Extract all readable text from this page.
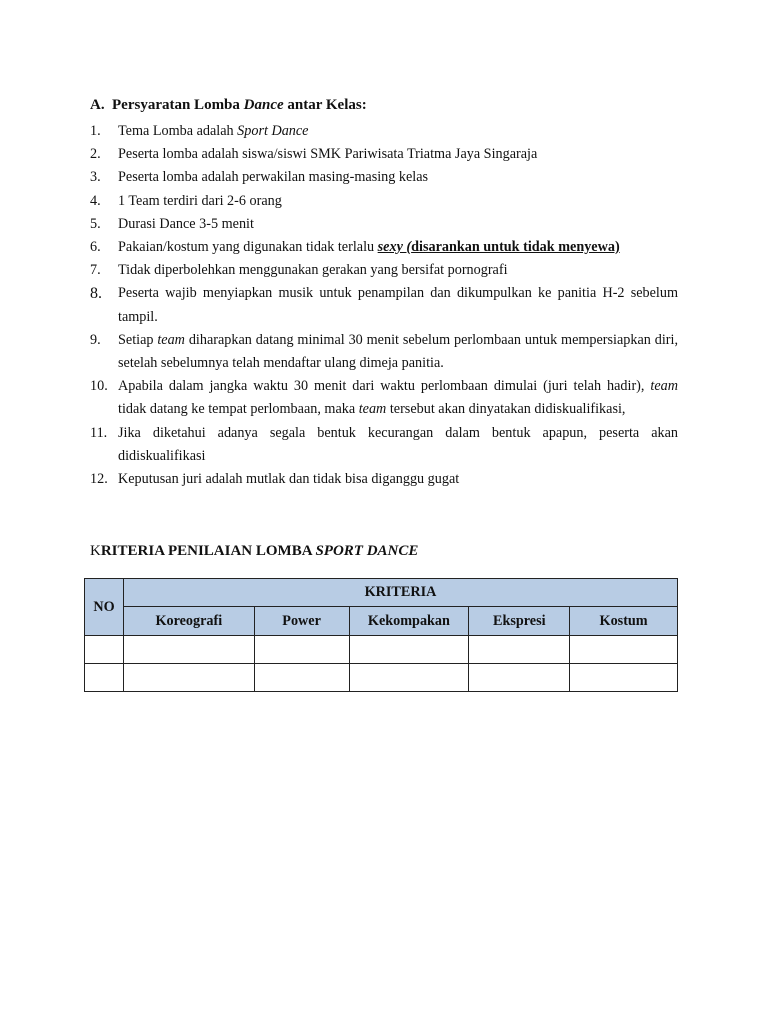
A. Persyaratan Lomba Dance antar Kelas:
1. Tema Lomba adalah Sport Dance
2. Peserta lomba adalah siswa/siswi SMK Pariwisata Triatma Jaya Singaraja
3. Peserta lomba adalah perwakilan masing-masing kelas
4. 1 Team terdiri dari 2-6 orang
5. Durasi Dance 3-5 menit
6. Pakaian/kostum yang digunakan tidak terlalu sexy (disarankan untuk tidak menyewa)
7. Tidak diperbolehkan menggunakan gerakan yang bersifat pornografi
8. Peserta wajib menyiapkan musik untuk penampilan dan dikumpulkan ke panitia H-2 sebelum tampil.
9. Setiap team diharapkan datang minimal 30 menit sebelum perlombaan untuk mempersiapkan diri, setelah sebelumnya telah mendaftar ulang dimeja panitia.
10. Apabila dalam jangka waktu 30 menit dari waktu perlombaan dimulai (juri telah hadir), team tidak datang ke tempat perlombaan, maka team tersebut akan dinyatakan didiskualifikasi,
11. Jika diketahui adanya segala bentuk kecurangan dalam bentuk apapun, peserta akan didiskualifikasi
12. Keputusan juri adalah mutlak dan tidak bisa diganggu gugat
KRITERIA PENILAIAN LOMBA SPORT DANCE
NO	KRITERIA				
	Koreografi	Power	Kekompakan	Ekspresi	Kostum
